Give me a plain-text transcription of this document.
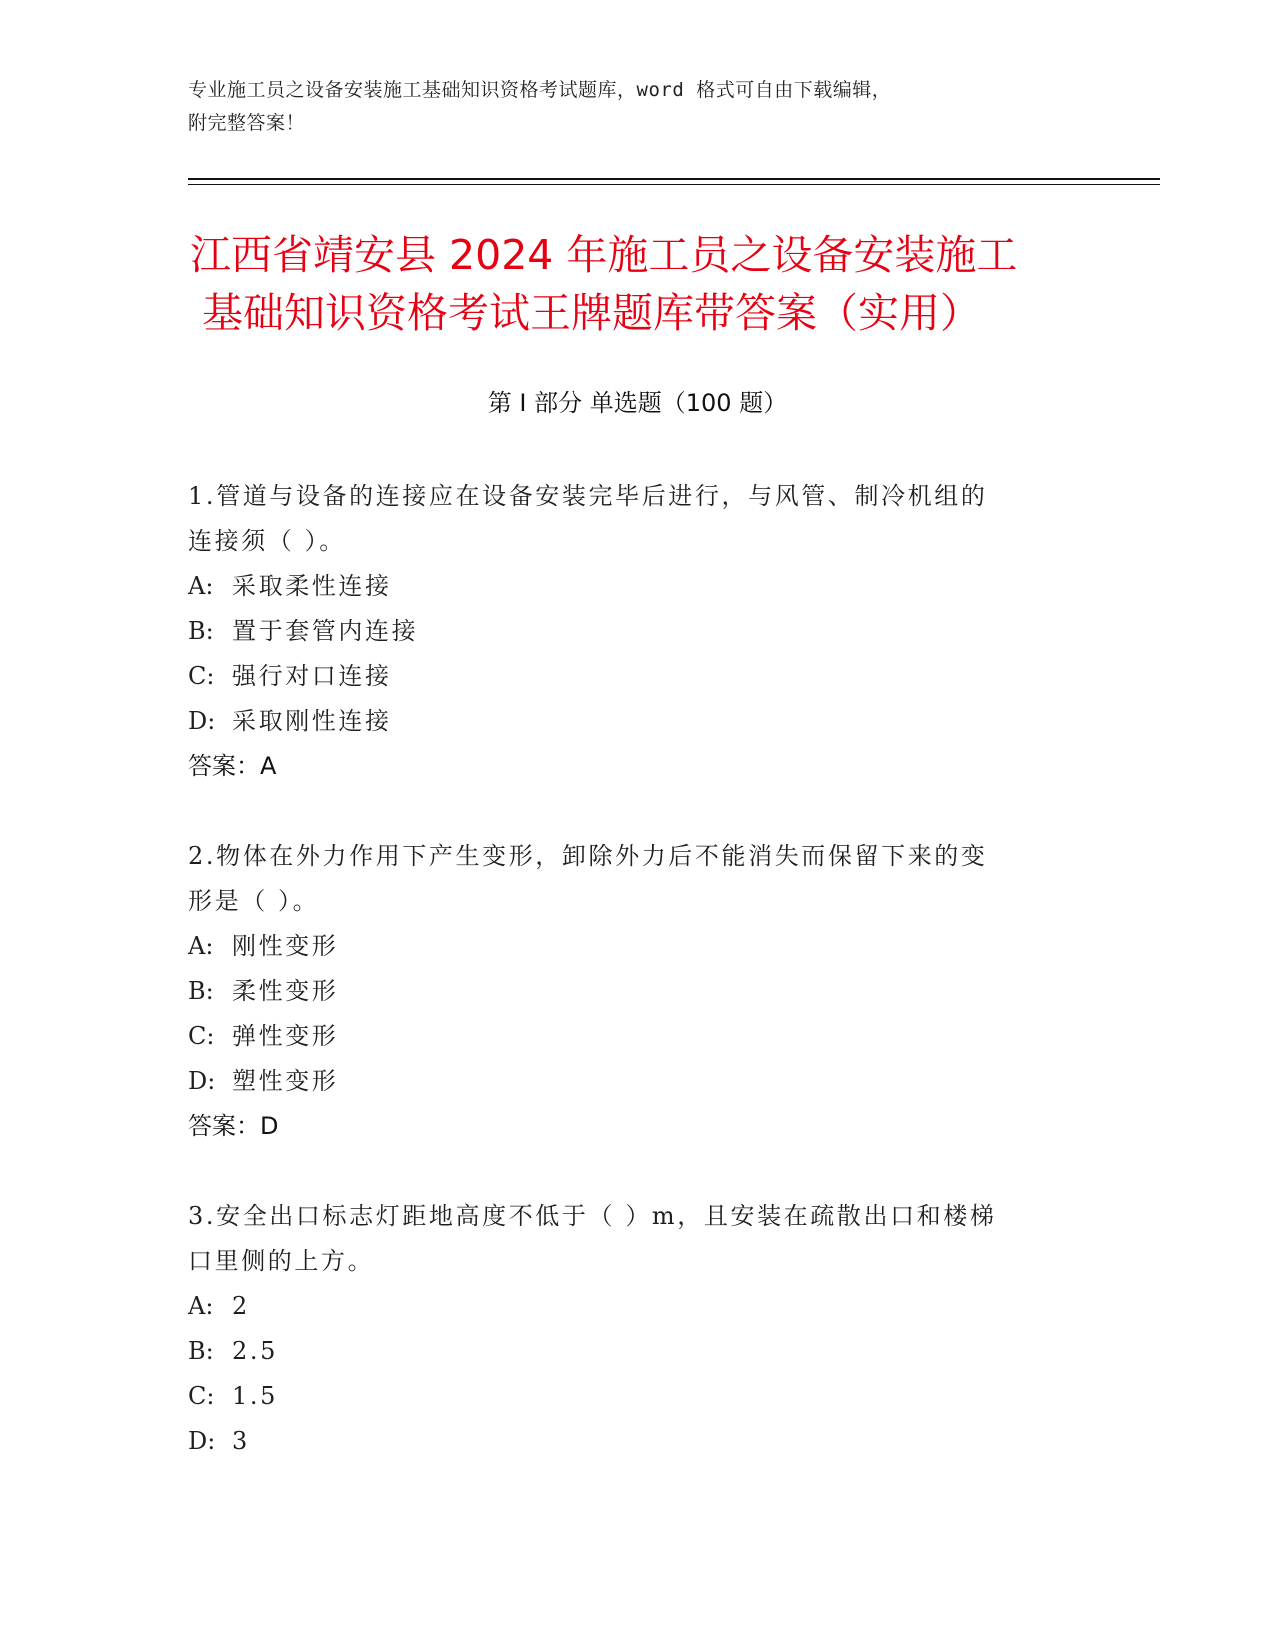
专业施工员之设备安装施工基础知识资格考试题库，word 格式可自由下载编辑，
附完整答案！
江西省靖安县 2024 年施工员之设备安装施工
基础知识资格考试王牌题库带答案（实用）
第 I 部分 单选题（100 题）
1.管道与设备的连接应在设备安装完毕后进行，与风管、制冷机组的
连接须（ ）。
A: 采取柔性连接
B: 置于套管内连接
C: 强行对口连接
D: 采取刚性连接
答案：A
2.物体在外力作用下产生变形，卸除外力后不能消失而保留下来的变
形是（ ）。
A: 刚性变形
B: 柔性变形
C: 弹性变形
D: 塑性变形
答案：D
3.安全出口标志灯距地高度不低于（ ）m，且安装在疏散出口和楼梯
口里侧的上方。
A: 2
B: 2.5
C: 1.5
D: 3
